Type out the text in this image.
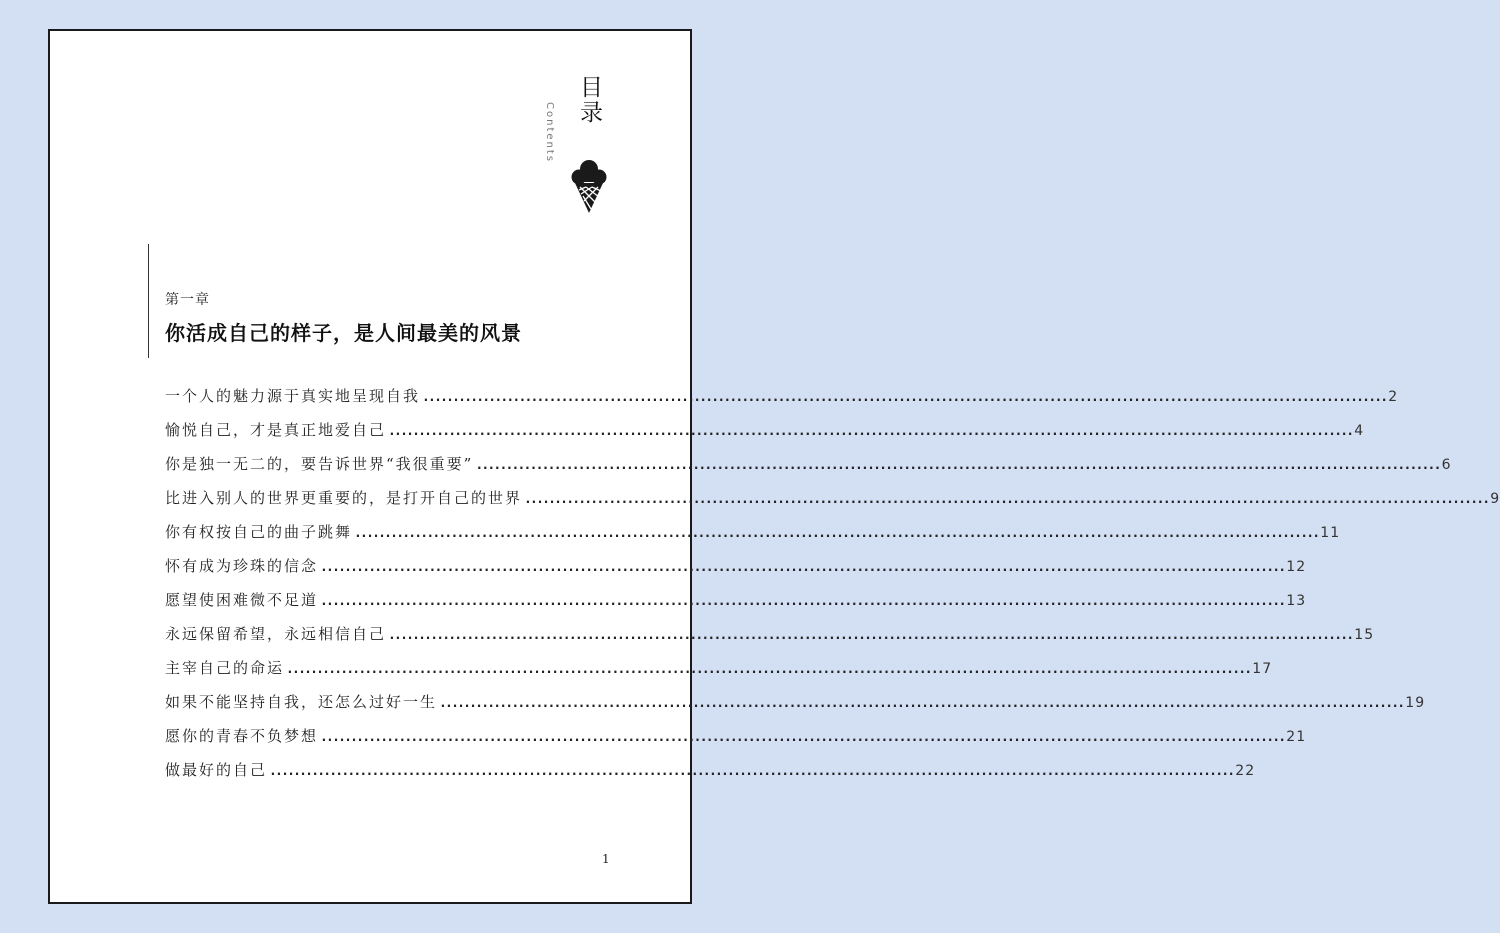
目录
Contents
第一章
你活成自己的样子，是人间最美的风景
一个人的魅力源于真实地呈现自我 ................................................................................................................................................................ 2
愉悦自己，才是真正地爱自己 ................................................................................................................................................................ 4
你是独一无二的，要告诉世界“我很重要” ................................................................................................................................................................ 6
比进入别人的世界更重要的，是打开自己的世界 ................................................................................................................................................................ 9
你有权按自己的曲子跳舞 ................................................................................................................................................................ 11
怀有成为珍珠的信念 ................................................................................................................................................................ 12
愿望使困难微不足道 ................................................................................................................................................................ 13
永远保留希望，永远相信自己 ................................................................................................................................................................ 15
主宰自己的命运 ................................................................................................................................................................ 17
如果不能坚持自我，还怎么过好一生 ................................................................................................................................................................ 19
愿你的青春不负梦想 ................................................................................................................................................................ 21
做最好的自己 ................................................................................................................................................................ 22
1
